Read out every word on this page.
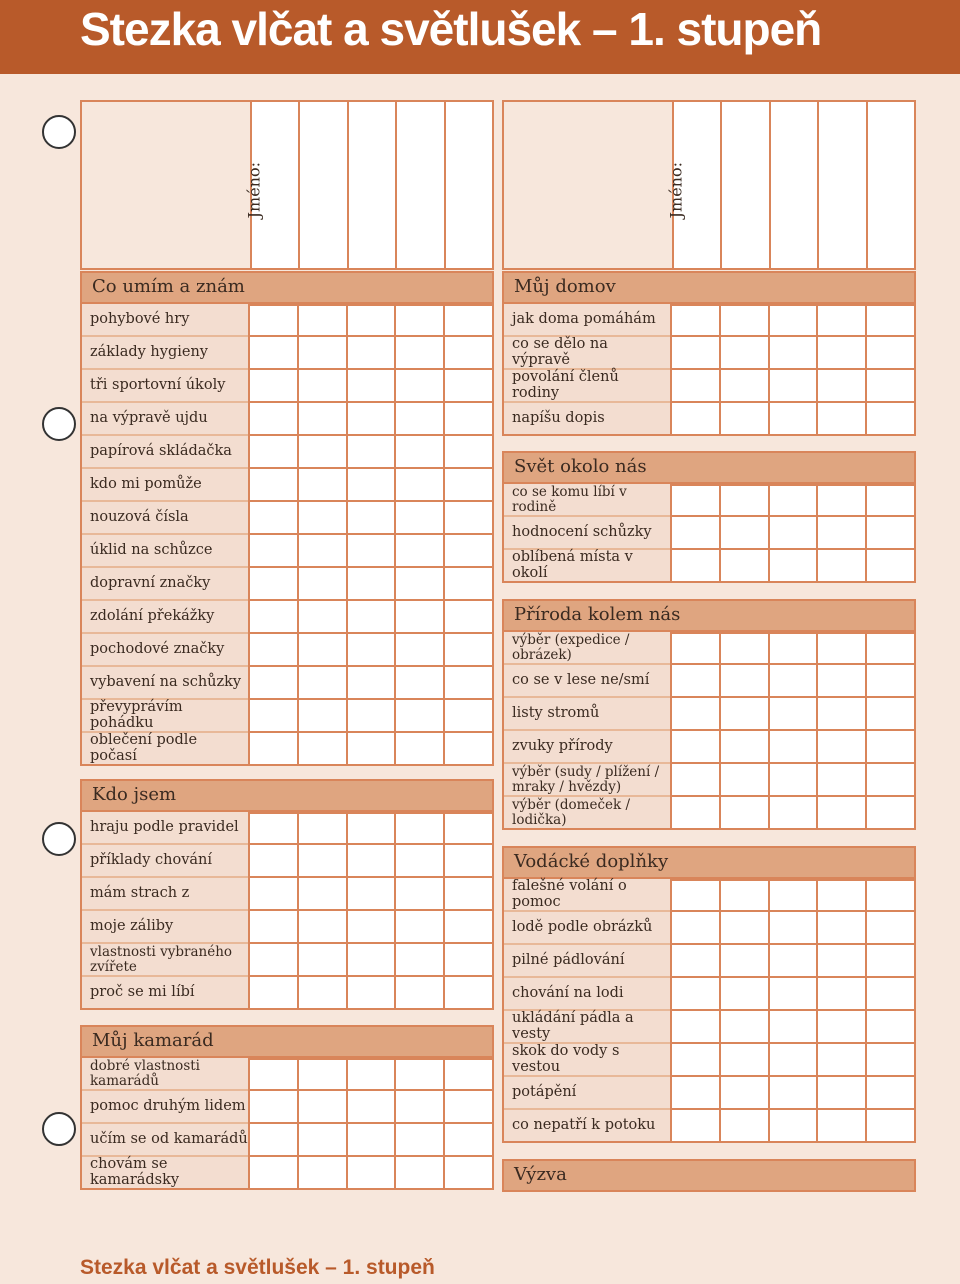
Stezka vlčat a světlušek – 1. stupeň
Jméno:
Co umím a znám
pohybové hry
základy hygieny
tři sportovní úkoly
na výpravě ujdu
papírová skládačka
kdo mi pomůže
nouzová čísla
úklid na schůzce
dopravní značky
zdolání překážky
pochodové značky
vybavení na schůzky
převyprávím pohádku
oblečení podle počasí
Kdo jsem
hraju podle pravidel
příklady chování
mám strach z
moje záliby
vlastnosti vybraného zvířete
proč se mi líbí
Můj kamarád
dobré vlastnosti kamarádů
pomoc druhým lidem
učím se od kamarádů
chovám se kamarádsky
Jméno:
Můj domov
jak doma pomáhám
co se dělo na výpravě
povolání členů rodiny
napíšu dopis
Svět okolo nás
co se komu líbí v rodině
hodnocení schůzky
oblíbená místa v okolí
Příroda kolem nás
výběr (expedice / obrázek)
co se v lese ne/smí
listy stromů
zvuky přírody
výběr (sudy / plížení / mraky / hvězdy)
výběr (domeček / lodička)
Vodácké doplňky
falešné volání o pomoc
lodě podle obrázků
pilné pádlování
chování na lodi
ukládání pádla a vesty
skok do vody s vestou
potápění
co nepatří k potoku
Výzva
Stezka vlčat a světlušek – 1. stupeň
